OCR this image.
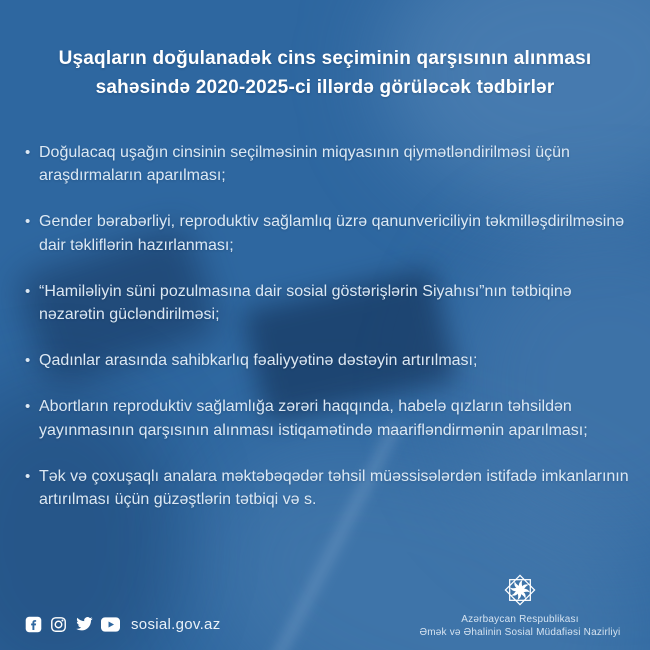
Uşaqların doğulanadək cins seçiminin qarşısının alınması
sahəsində 2020-2025-ci illərdə görüləcək tədbirlər
• Doğulacaq uşağın cinsinin seçilməsinin miqyasının qiymətləndirilməsi üçün araşdırmaların aparılması;
• Gender bərabərliyi, reproduktiv sağlamlıq üzrə qanunvericiliyin təkmilləşdirilməsinə dair təkliflərin hazırlanması;
• “Hamiləliyin süni pozulmasına dair sosial göstərişlərin Siyahısı”nın tətbiqinə nəzarətin gücləndirilməsi;
• Qadınlar arasında sahibkarlıq fəaliyyətinə dəstəyin artırılması;
• Abortların reproduktiv sağlamlığa zərəri haqqında, habelə qızların təhsildən yayınmasının qarşısının alınması istiqamətində maarifləndirmənin aparılması;
• Tək və çoxuşaqlı analara məktəbəqədər təhsil müəssisələrdən istifadə imkanlarının artırılması üçün güzəştlərin tətbiqi və s.
sosial.gov.az	Azərbaycan Respublikası
Əmək və Əhalinin Sosial Müdafiəsi Nazirliyi
